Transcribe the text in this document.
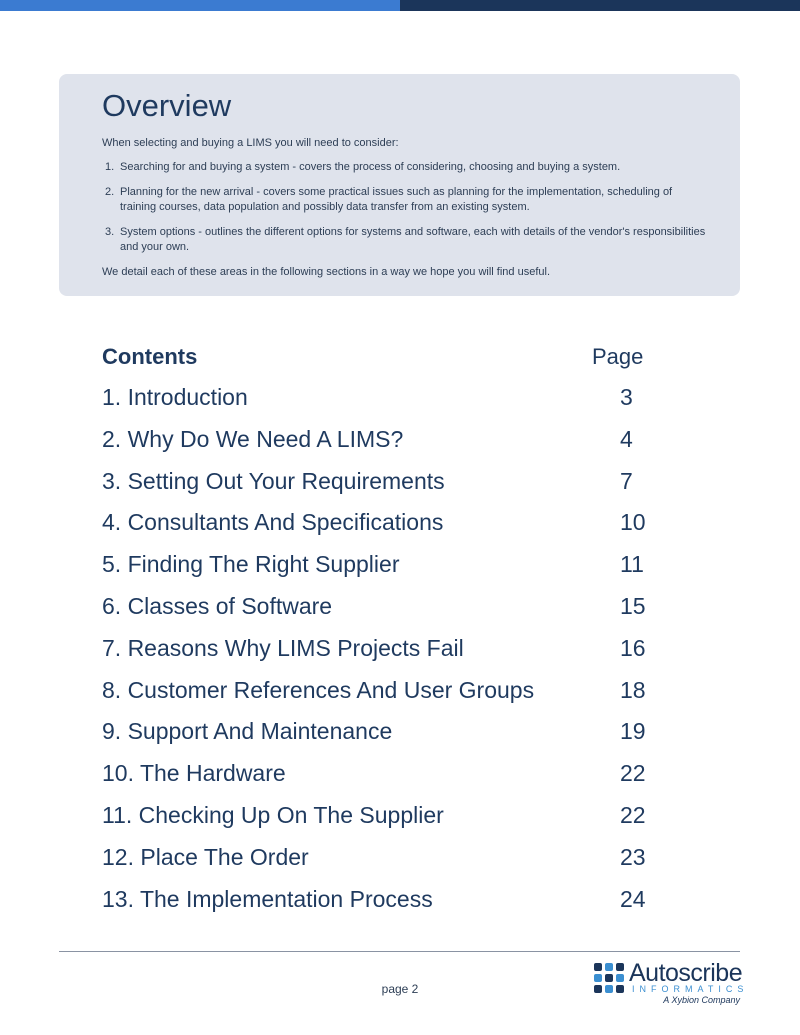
Overview

When selecting and buying a LIMS you will need to consider:

1. Searching for and buying a system - covers the process of considering, choosing and buying a system.
2. Planning for the new arrival - covers some practical issues such as planning for the implementation, scheduling of training courses, data population and possibly data transfer from an existing system.
3. System options - outlines the different options for systems and software, each with details of the vendor's responsibilities and your own.

We detail each of these areas in the following sections in a way we hope you will find useful.

Contents	Page
1. Introduction	3
2. Why Do We Need A LIMS?	4
3. Setting Out Your Requirements	7
4. Consultants And Specifications	10
5. Finding The Right Supplier	11
6. Classes of Software	15
7. Reasons Why LIMS Projects Fail	16
8. Customer References And User Groups	18
9. Support And Maintenance	19
10. The Hardware	22
11. Checking Up On The Supplier	22
12. Place The Order	23
13. The Implementation Process	24
page 2
Autoscribe
INFORMATICS
A Xybion Company
